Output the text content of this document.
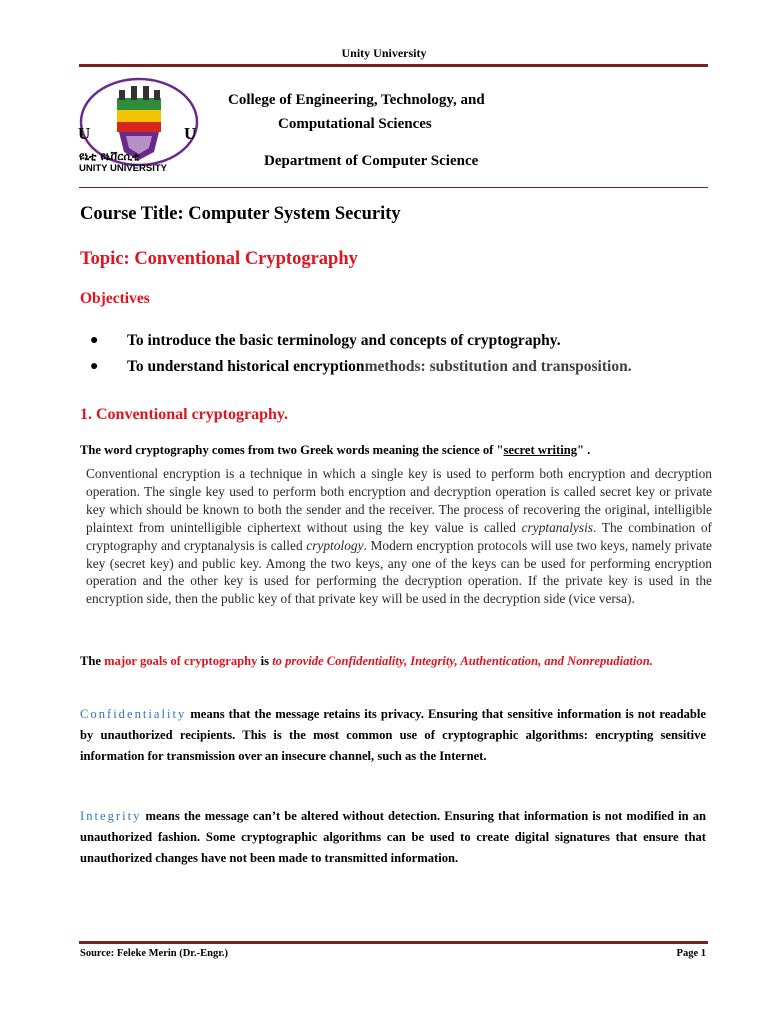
Unity University
U	U
ዩኒቲ ዩኒቨርሲቲ
UNITY UNIVERSITY
College of Engineering, Technology, and
Computational Sciences
Department of Computer Science
Course Title: Computer System Security
Topic: Conventional Cryptography
Objectives
●	To introduce the basic terminology and concepts of cryptography.
●	To understand historical encryption methods: substitution and transposition.
1. Conventional cryptography.
The word cryptography comes from two Greek words meaning the science of "secret writing" .

Conventional encryption is a technique in which a single key is used to perform both encryption and decryption operation. The single key used to perform both encryption and decryption operation is called secret key or private key which should be known to both the sender and the receiver. The process of recovering the original, intelligible plaintext from unintelligible ciphertext without using the key value is called cryptanalysis. The combination of cryptography and cryptanalysis is called cryptology. Modern encryption protocols will use two keys, namely private key (secret key) and public key. Among the two keys, any one of the keys can be used for performing encryption operation and the other key is used for performing the decryption operation. If the private key is used in the encryption side, then the public key of that private key will be used in the decryption side (vice versa).

The major goals of cryptography is to provide Confidentiality, Integrity, Authentication, and Nonrepudiation.
Confidentiality means that the message retains its privacy. Ensuring that sensitive information is not readable by unauthorized recipients. This is the most common use of cryptographic algorithms: encrypting sensitive information for transmission over an insecure channel, such as the Internet.
Integrity means the message can’t be altered without detection. Ensuring that information is not modified in an unauthorized fashion. Some cryptographic algorithms can be used to create digital signatures that ensure that unauthorized changes have not been made to transmitted information.
Source: Feleke Merin (Dr.-Engr.)	Page 1
